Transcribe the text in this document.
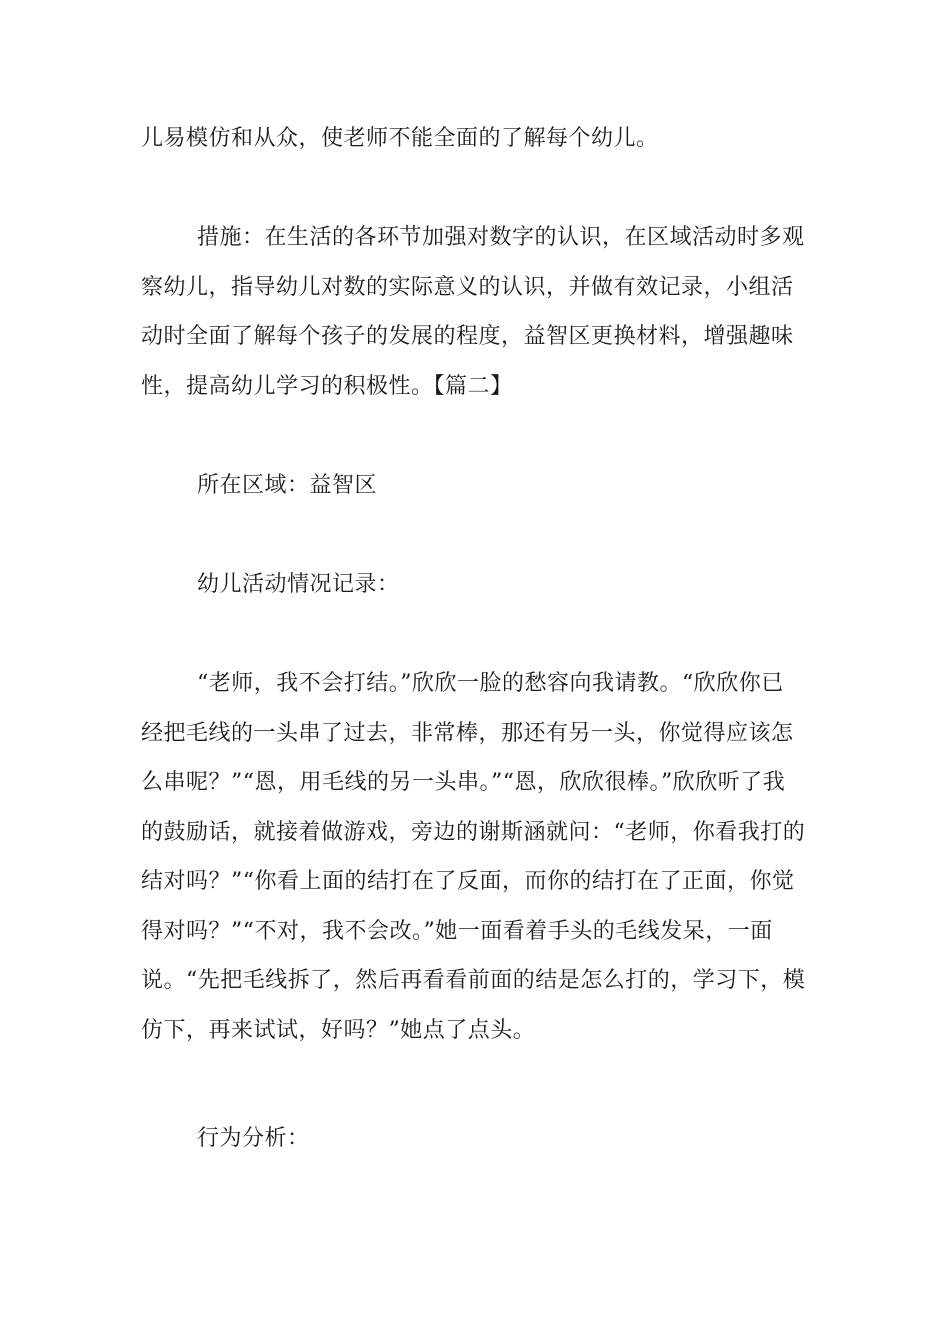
儿易模仿和从众，使老师不能全面的了解每个幼儿。

措施：在生活的各环节加强对数字的认识，在区域活动时多观察幼儿，指导幼儿对数的实际意义的认识，并做有效记录，小组活动时全面了解每个孩子的发展的程度，益智区更换材料，增强趣味性，提高幼儿学习的积极性。【篇二】

所在区域：益智区

幼儿活动情况记录：

“老师，我不会打结。”欣欣一脸的愁容向我请教。“欣欣你已经把毛线的一头串了过去，非常棒，那还有另一头，你觉得应该怎么串呢？”“恩，用毛线的另一头串。”“恩，欣欣很棒。”欣欣听了我的鼓励话，就接着做游戏，旁边的谢斯涵就问：“老师，你看我打的结对吗？”“你看上面的结打在了反面，而你的结打在了正面，你觉得对吗？”“不对，我不会改。”她一面看着手头的毛线发呆，一面说。“先把毛线拆了，然后再看看前面的结是怎么打的，学习下，模仿下，再来试试，好吗？”她点了点头。

行为分析：
